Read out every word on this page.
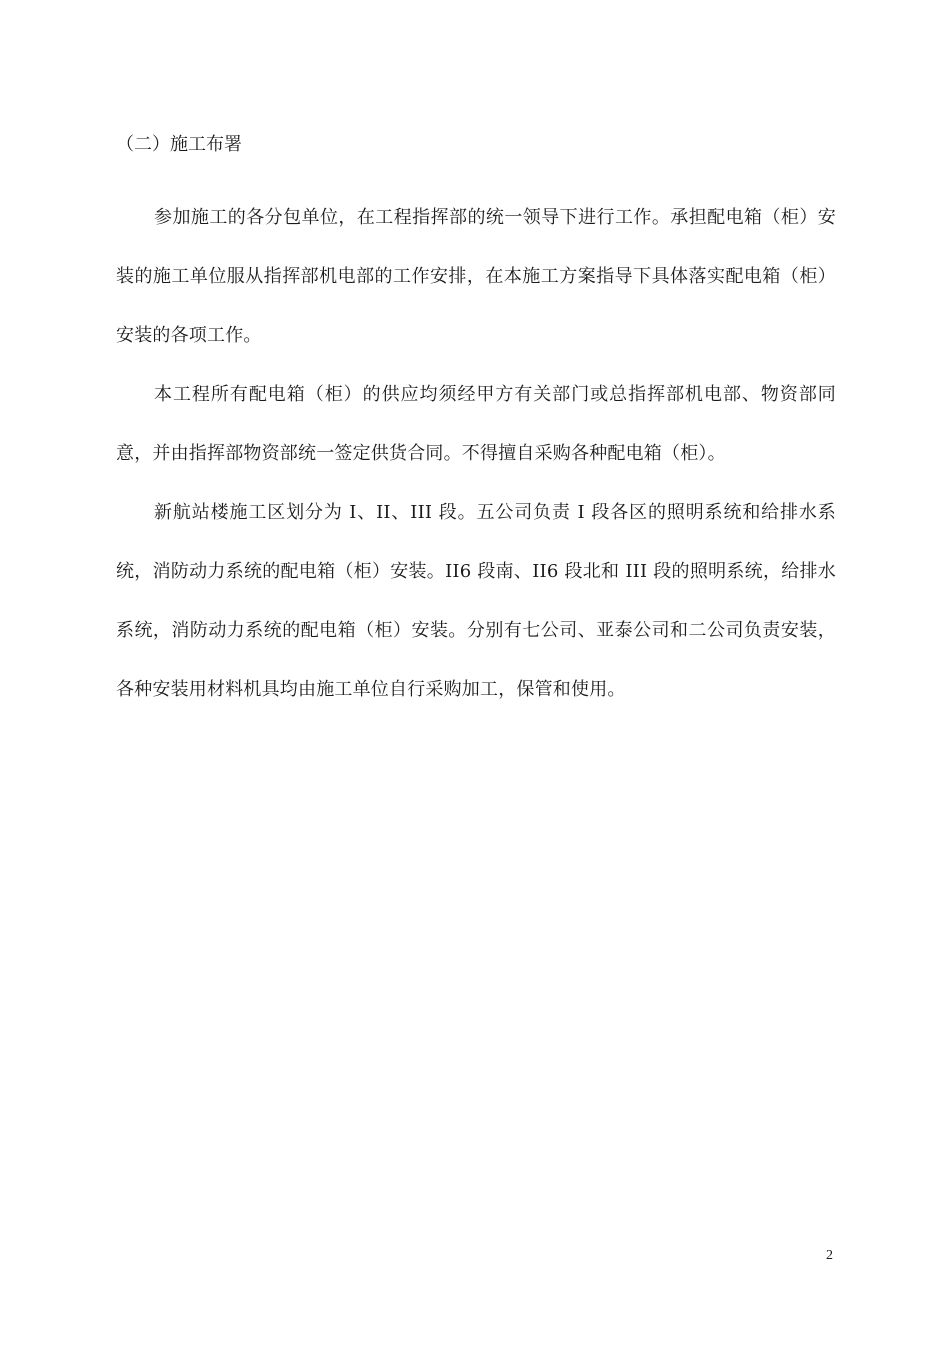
（二）施工布署

参加施工的各分包单位，在工程指挥部的统一领导下进行工作。承担配电箱（柜）安装的施工单位服从指挥部机电部的工作安排，在本施工方案指导下具体落实配电箱（柜）安装的各项工作。

本工程所有配电箱（柜）的供应均须经甲方有关部门或总指挥部机电部、物资部同意，并由指挥部物资部统一签定供货合同。不得擅自采购各种配电箱（柜）。

新航站楼施工区划分为 I、II、III 段。五公司负责 I 段各区的照明系统和给排水系统，消防动力系统的配电箱（柜）安装。II6 段南、II6 段北和 III 段的照明系统，给排水系统，消防动力系统的配电箱（柜）安装。分别有七公司、亚泰公司和二公司负责安装，各种安装用材料机具均由施工单位自行采购加工，保管和使用。

2
